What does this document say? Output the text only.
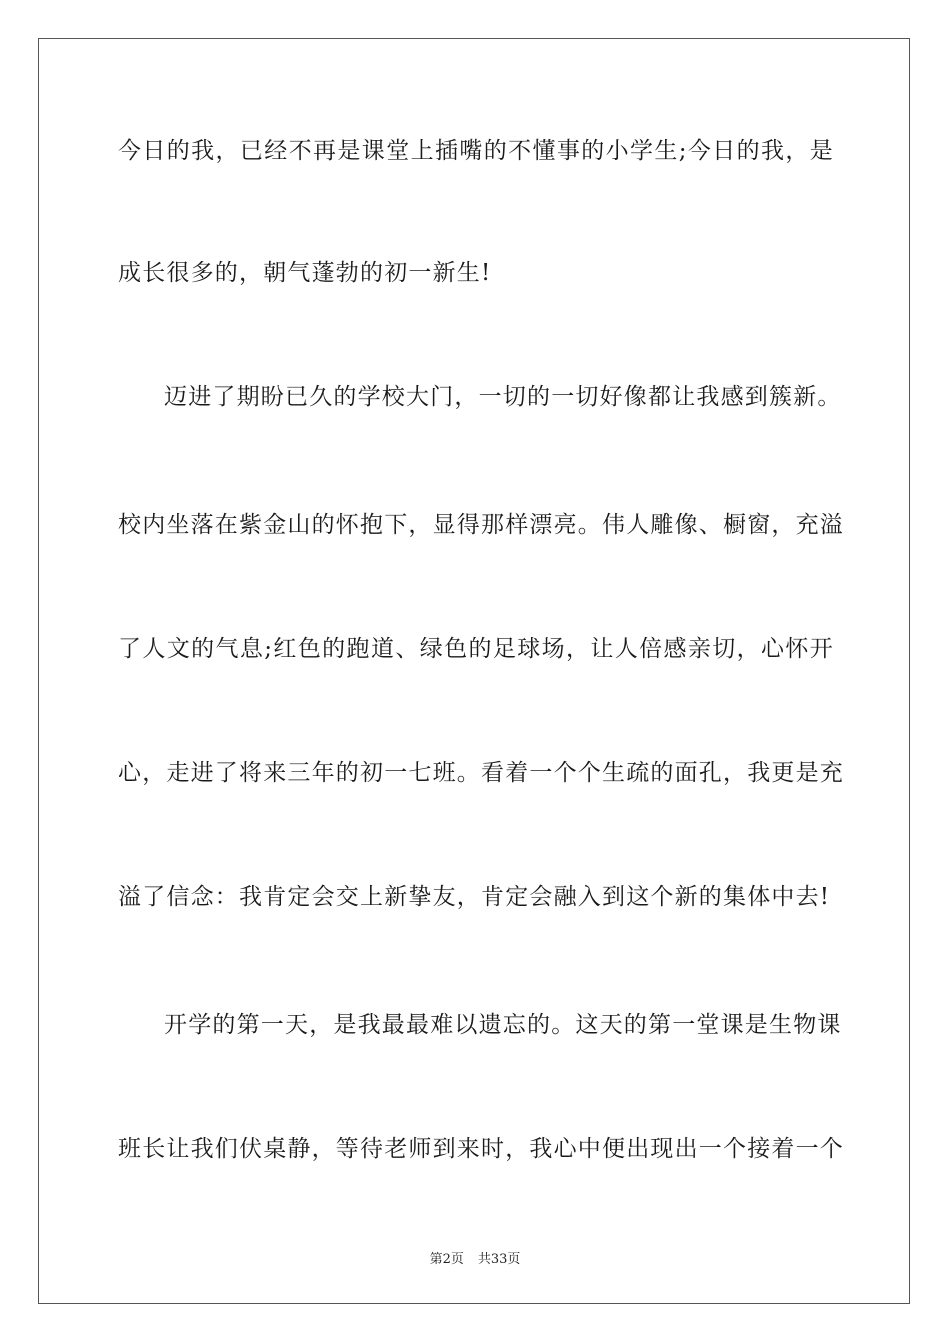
今日的我，已经不再是课堂上插嘴的不懂事的小学生;今日的我，是
成长很多的，朝气蓬勃的初一新生!
迈进了期盼已久的学校大门，一切的一切好像都让我感到簇新。
校内坐落在紫金山的怀抱下，显得那样漂亮。伟人雕像、橱窗，充溢
了人文的气息;红色的跑道、绿色的足球场，让人倍感亲切，心怀开
心，走进了将来三年的初一七班。看着一个个生疏的面孔，我更是充
溢了信念：我肯定会交上新挚友，肯定会融入到这个新的集体中去!
开学的第一天，是我最最难以遗忘的。这天的第一堂课是生物课
班长让我们伏桌静，等待老师到来时，我心中便出现出一个接着一个
第2页 共33页
